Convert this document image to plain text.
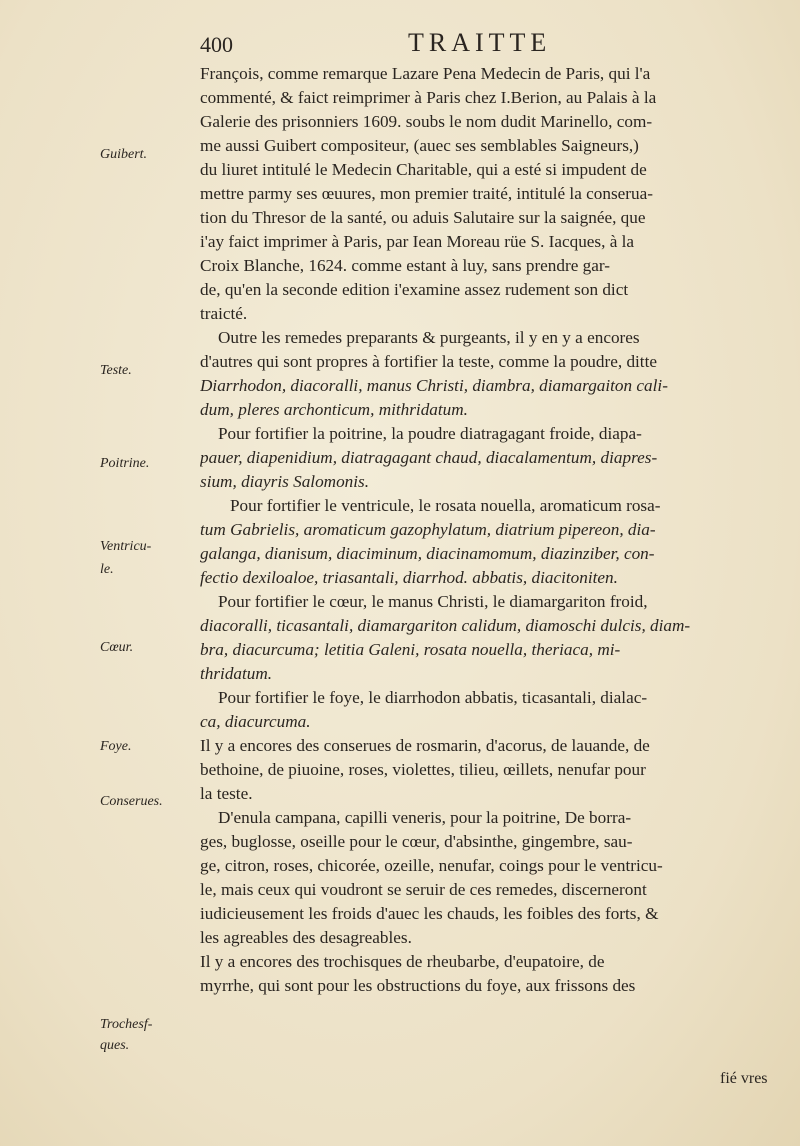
400	TRAITTE
Guibert.
Teste.
Poitrine.
Ventricu-
le.
Cœur.
Foye.
Conserues.
Trochesf-
ques.
François, comme remarque Lazare Pena Medecin de Paris, qui l'a
commenté, & faict reimprimer à Paris chez I.Berion, au Palais à la
Galerie des prisonniers 1609. soubs le nom dudit Marinello, com-
me aussi Guibert compositeur, (auec ses semblables Saigneurs,)
du liuret intitulé le Medecin Charitable, qui a esté si impudent de
mettre parmy ses œuures, mon premier traité, intitulé la conserua-
tion du Thresor de la santé, ou aduis Salutaire sur la saignée, que
i'ay faict imprimer à Paris, par Iean Moreau rüe S. Iacques, à la
Croix Blanche, 1624. comme estant à luy, sans prendre gar-
de, qu'en la seconde edition i'examine assez rudement son dict
traicté.
Outre les remedes preparants & purgeants, il y en y a encores
d'autres qui sont propres à fortifier la teste, comme la poudre, ditte
Diarrhodon, diacoralli, manus Christi, diambra, diamargaiton cali-
dum, pleres archonticum, mithridatum.
Pour fortifier la poitrine, la poudre diatragagant froide, diapa-
pauer, diapenidium, diatragagant chaud, diacalamentum, diapres-
sium, diayris Salomonis.
Pour fortifier le ventricule, le rosata nouella, aromaticum rosa-
tum Gabrielis, aromaticum gazophylatum, diatrium pipereon, dia-
galanga, dianisum, diaciminum, diacinamomum, diazinziber, con-
fectio dexiloaloe, triasantali, diarrhod. abbatis, diacitoniten.
Pour fortifier le cœur, le manus Christi, le diamargariton froid,
diacoralli, ticasantali, diamargariton calidum, diamoschi dulcis, diam-
bra, diacurcuma; letitia Galeni, rosata nouella, theriaca, mi-
thridatum.
Pour fortifier le foye, le diarrhodon abbatis, ticasantali, dialac-
ca, diacurcuma.
Il y a encores des conserues de rosmarin, d'acorus, de lauande, de
bethoine, de piuoine, roses, violettes, tilieu, œillets, nenufar pour
la teste.
D'enula campana, capilli veneris, pour la poitrine, De borra-
ges, buglosse, oseille pour le cœur, d'absinthe, gingembre, sau-
ge, citron, roses, chicorée, ozeille, nenufar, coings pour le ventricu-
le, mais ceux qui voudront se seruir de ces remedes, discerneront
iudicieusement les froids d'auec les chauds, les foibles des forts, &
les agreables des desagreables.
Il y a encores des trochisques de rheubarbe, d'eupatoire, de
myrrhe, qui sont pour les obstructions du foye, aux frissons des
fié vres
